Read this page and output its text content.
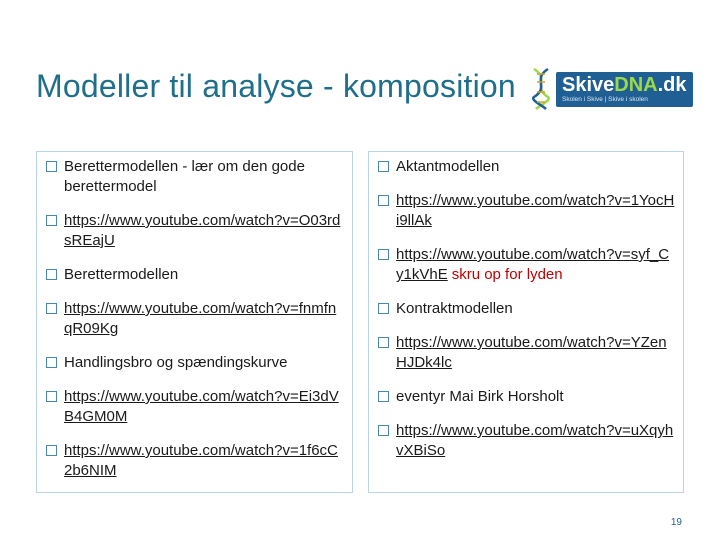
Modeller til analyse - komposition SkiveDNA.dk
Skolen i Skive | Skive i skolen
Berettermodellen - lær om den gode berettermodel
https://www.youtube.com/watch?v=O03rdsREajU
Berettermodellen
https://www.youtube.com/watch?v=fnmfnqR09Kg
Handlingsbro og spændingskurve
https://www.youtube.com/watch?v=Ei3dVB4GM0M
https://www.youtube.com/watch?v=1f6cC2b6NIM
Aktantmodellen
https://www.youtube.com/watch?v=1YocHi9llAk
https://www.youtube.com/watch?v=syf_Cy1kVhE skru op for lyden
Kontraktmodellen
https://www.youtube.com/watch?v=YZenHJDk4lc
eventyr Mai Birk Horsholt
https://www.youtube.com/watch?v=uXqyhvXBiSo
19
